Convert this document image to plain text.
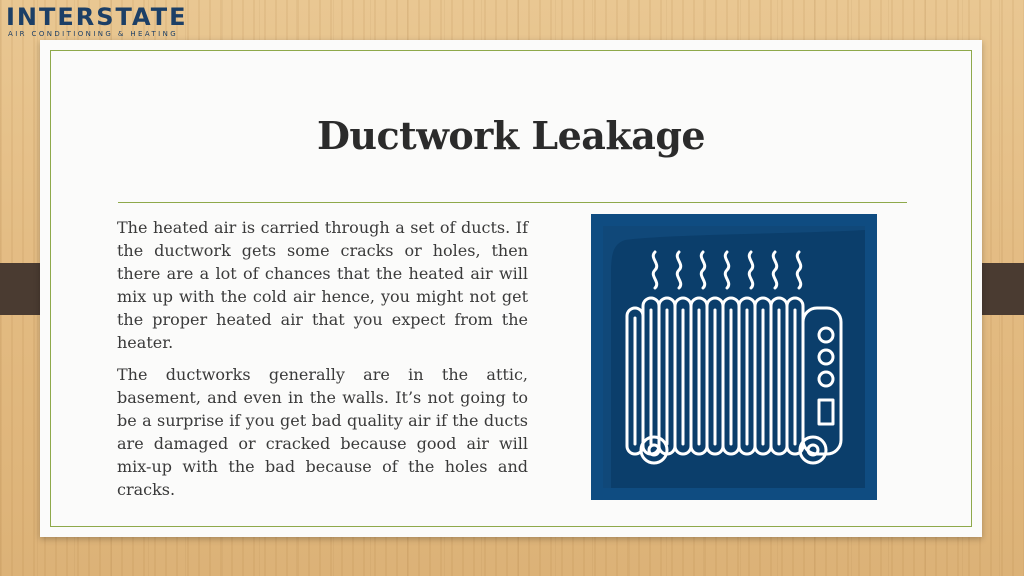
INTERSTATE
AIR CONDITIONING & HEATING
Ductwork Leakage

The heated air is carried through a set of ducts. If the ductwork gets some cracks or holes, then there are a lot of chances that the heated air will mix up with the cold air hence, you might not get the proper heated air that you expect from the heater.

The ductworks generally are in the attic, basement, and even in the walls. It’s not going to be a surprise if you get bad quality air if the ducts are damaged or cracked because good air will mix-up with the bad because of the holes and cracks.
